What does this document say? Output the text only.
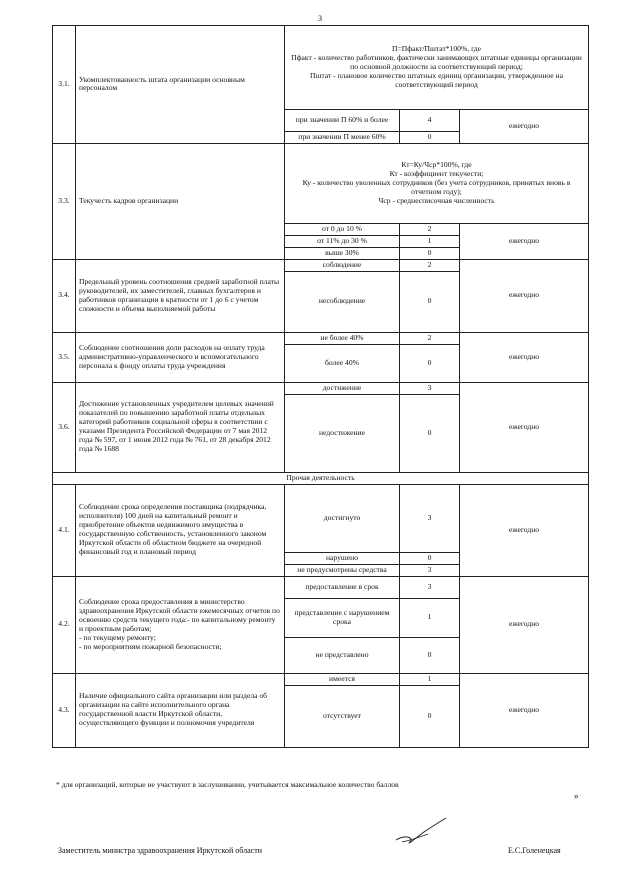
3
3.1.	Укомплектованность штата организации основным персоналом	П=Пфакт/Пштат*100%, где
Пфакт - количество работников, фактически занимающих штатные единицы организации по основной должности за соответствующий период;
Пштат - плановое количество штатных единиц организации, утвержденное на соответствующий период		

		при значении П 60% и более	4	ежегодно
		при значении П менее 60%	0	
3.3.	Текучесть кадров организации	Кт=Ку/Чср*100%, где
Кт - коэффициент текучести;
Ку - количество уволенных сотрудников (без учета сотрудников, принятых вновь в отчетном году);
Чср - среднесписочная численность		

		от 0 до 10 %	2	ежегодно
		от 11% до 30 %	1	
		выше 30%	0	
3.4.	Предельный уровень соотношения средней заработной платы руководителей, их заместителей, главных бухгалтеров и работников организации в кратности от 1 до 6 с учетом сложности и объема выполняемой работы	соблюдение	2	ежегодно
		несоблюдение	0	
3.5.	Соблюдение соотношения доли расходов на оплату труда административно-управленческого и вспомогательного персонала к фонду оплаты труда учреждения	не более 40%	2	ежегодно
		более 40%	0	
3.6.	Достижение установленных учредителем целевых значений показателей по повышению заработной платы отдельных категорий работников социальной сферы в соответствии с указами Президента Российской Федерации от 7 мая 2012 года № 597, от 1 июня 2012 года № 761, от 28 декабря 2012 года № 1688	достижение	3	ежегодно
		недостижение	0	
Прочая деятельность				
4.1.	Соблюдение срока определения поставщика (подрядчика, исполнителя) 100 дней на капитальный ремонт и приобретение объектов недвижимого имущества в государственную собственность, установленного законом Иркутской области об областном бюджете на очередной финансовый год и плановый период	достигнуто	3	ежегодно
		нарушено	0	
		не предусмотрены средства	3	
4.2.	Соблюдение срока предоставления в министерство здравоохранения Иркутской области ежемесячных отчетов по освоению средств текущего года:- по капитальному ремонту и проектным работам;
- по текущему ремонту;
- по мероприятиям пожарной безопасности;	предоставление в срок	3	ежегодно
		представление с нарушением срока	1	
		не представлено	0	
4.3.	Наличие официального сайта организации или раздела об организации на сайте исполнительного органа государственной власти Иркутской области, осуществляющего функции и полномочия учредителя	имеется	1	ежегодно
		отсутствует	0	
* для организаций, которые не участвуют в заслушивании, учитывается максимальное количество баллов
»
Заместитель министра здравоохранения Иркутской области	Е.С.Голенецкая
